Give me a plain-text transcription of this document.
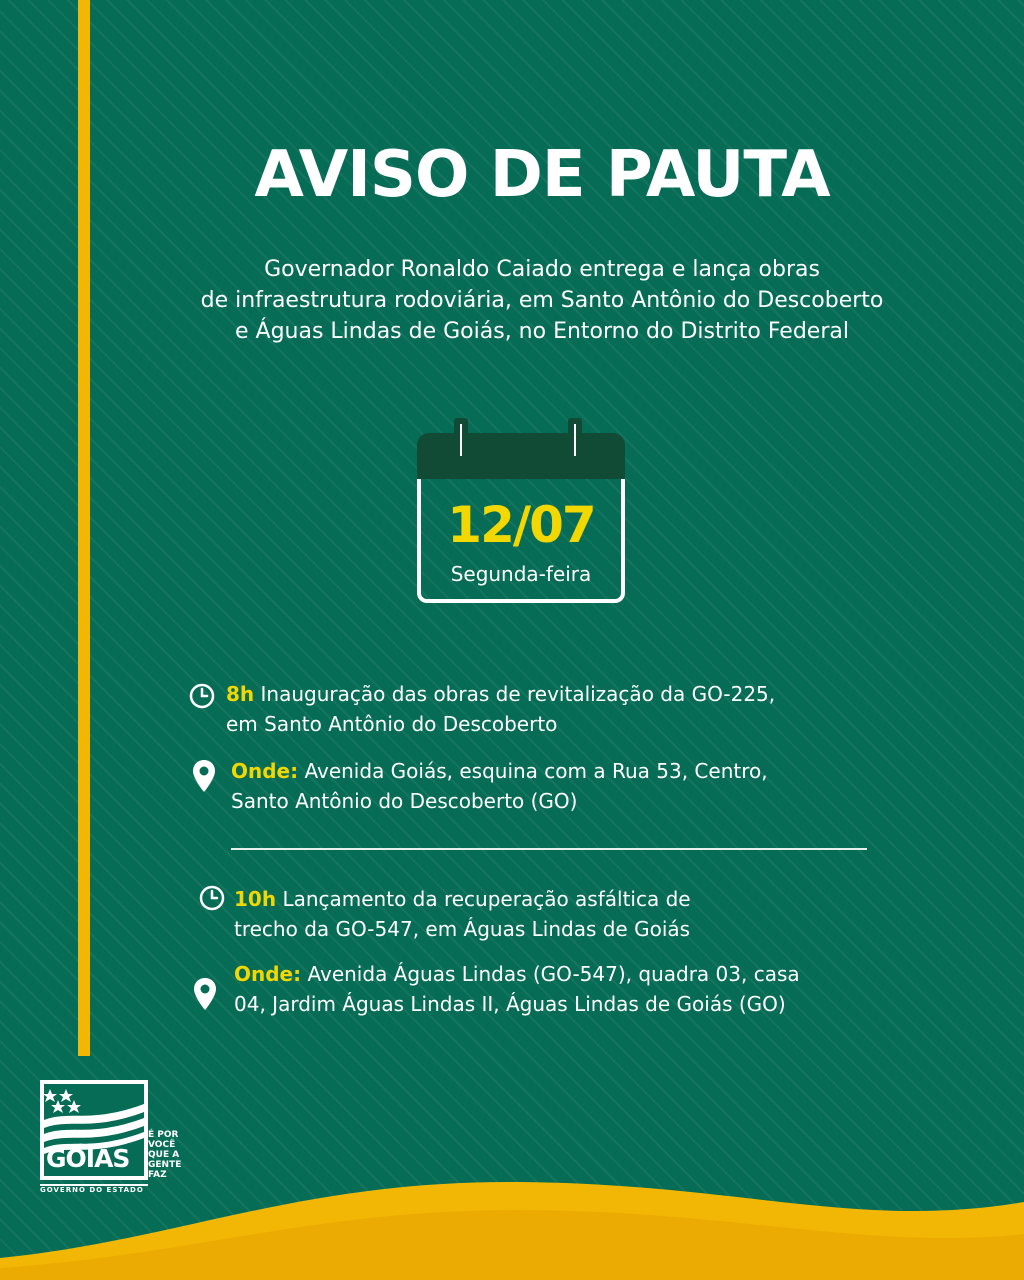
AVISO DE PAUTA
Governador Ronaldo Caiado entrega e lança obras
de infraestrutura rodoviária, em Santo Antônio do Descoberto
e Águas Lindas de Goiás, no Entorno do Distrito Federal
12/07
Segunda-feira
8h Inauguração das obras de revitalização da GO-225,
em Santo Antônio do Descoberto
Onde: Avenida Goiás, esquina com a Rua 53, Centro,
Santo Antônio do Descoberto (GO)
10h Lançamento da recuperação asfáltica de
trecho da GO-547, em Águas Lindas de Goiás
Onde: Avenida Águas Lindas (GO-547), quadra 03, casa
04, Jardim Águas Lindas II, Águas Lindas de Goiás (GO)
GOIÁS
É POR
VOCÊ
QUE A
GENTE
FAZ
GOVERNO DO ESTADO
